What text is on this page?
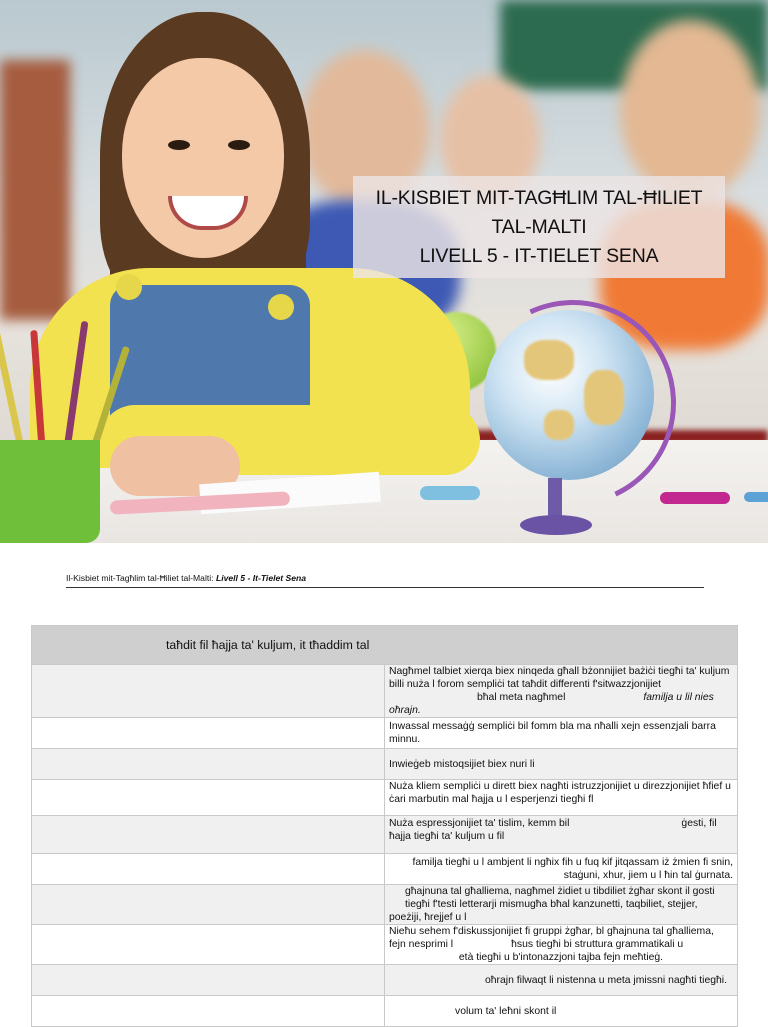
IL-KISBIET MIT-TAGĦLIM TAL-ĦILIET
TAL-MALTI
LIVELL 5 - IT-TIELET SENA
Il-Kisbiet mit-Tagħlim tal-Ħiliet tal-Malti: Livell 5 - It-Tielet Sena
taħdit fil ħajja ta' kuljum, it tħaddim tal	

	Nagħmel talbiet xierqa biex ninqeda għall bżonnijiet bażiċi tiegħi ta' kuljum billi nuża l forom sempliċi tat taħdit differenti f'sitwazzjonijiet
bħal meta nagħmel familja u lil nies oħrajn.

	Inwassal messaġġ sempliċi bil fomm bla ma nħalli xejn essenzjali barra minnu.

	Inwieġeb mistoqsijiet biex nuri li

	Nuża kliem sempliċi u dirett biex nagħti istruzzjonijiet u direzzjonijiet ħfief u ċari marbutin mal ħajja u l esperjenzi tiegħi fl

	Nuża espressjonijiet ta' tislim, kemm bil ġesti, fil ħajja tiegħi ta' kuljum u fil

	familja tiegħi u l ambjent li ngħix fih u fuq kif jitqassam iż żmien fi snin, staġuni, xhur, jiem u l ħin tal ġurnata.

	għajnuna tal għalliema, nagħmel żidiet u tibdiliet żgħar skont il gosti tiegħi f'testi letterarji mismugħa bħal kanzunetti, taqbiliet, stejjer,
poeżiji, ħrejjef u l

	Nieħu sehem f'diskussjonijiet fi gruppi żgħar, bl għajnuna tal għalliema, fejn nesprimi l ħsus tiegħi bi struttura grammatikali u
età tiegħi u b'intonazzjoni tajba fejn meħtieġ.

	oħrajn filwaqt li nistenna u meta jmissni nagħti tiegħi.

	volum ta' leħni skont il
